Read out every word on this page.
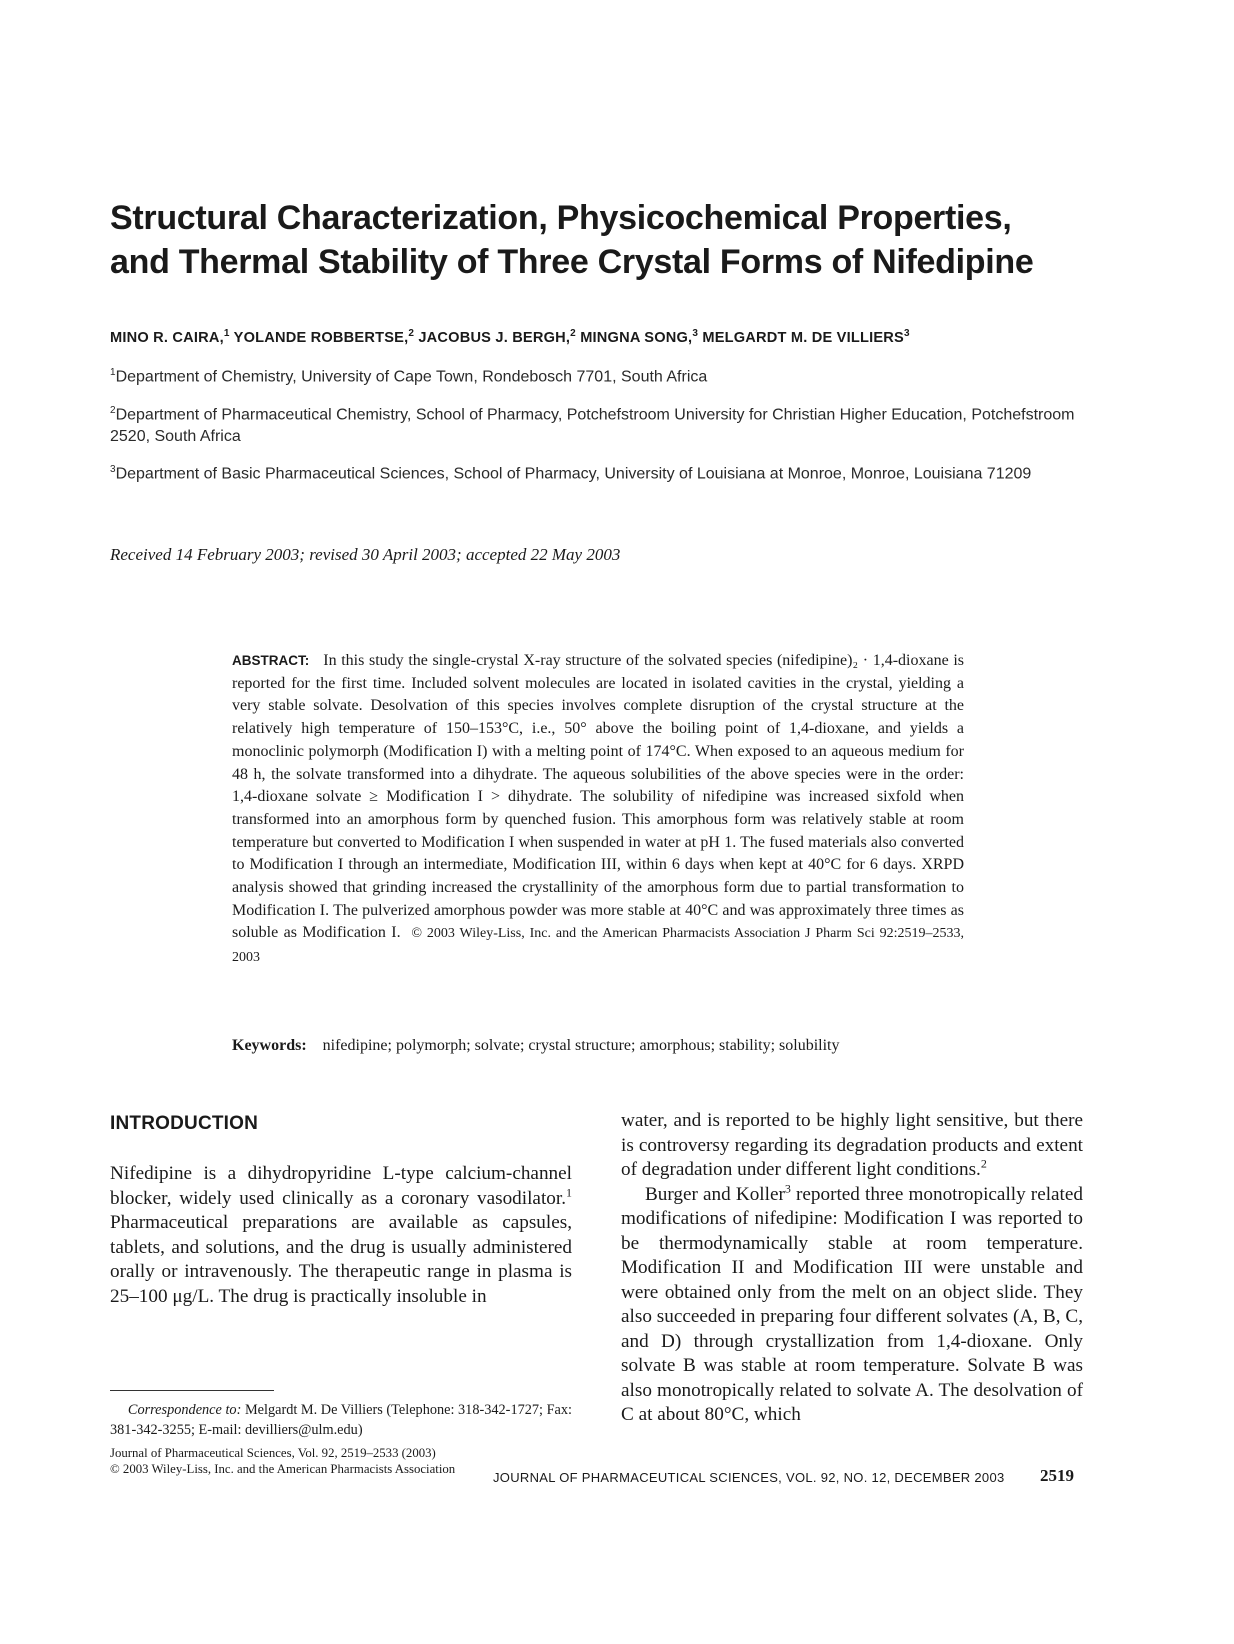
Structural Characterization, Physicochemical Properties,
and Thermal Stability of Three Crystal Forms of Nifedipine
MINO R. CAIRA,$^1$ YOLANDE ROBBERTSE,$^2$ JACOBUS J. BERGH,$^2$ MINGNA SONG,$^3$ MELGARDT M. DE VILLIERS$^3$
$^1$Department of Chemistry, University of Cape Town, Rondebosch 7701, South Africa
$^2$Department of Pharmaceutical Chemistry, School of Pharmacy, Potchefstroom University for Christian Higher Education, Potchefstroom 2520, South Africa
$^3$Department of Basic Pharmaceutical Sciences, School of Pharmacy, University of Louisiana at Monroe, Monroe, Louisiana 71209
Received 14 February 2003; revised 30 April 2003; accepted 22 May 2003
ABSTRACT: In this study the single-crystal X-ray structure of the solvated species (nifedipine)₂ · 1,4-dioxane is reported for the first time. Included solvent molecules are located in isolated cavities in the crystal, yielding a very stable solvate. Desolvation of this species involves complete disruption of the crystal structure at the relatively high temperature of 150–153°C, i.e., 50° above the boiling point of 1,4-dioxane, and yields a monoclinic polymorph (Modification I) with a melting point of 174°C. When exposed to an aqueous medium for 48 h, the solvate transformed into a dihydrate. The aqueous solubilities of the above species were in the order: 1,4-dioxane solvate ≥ Modification I > dihydrate. The solubility of nifedipine was increased sixfold when transformed into an amorphous form by quenched fusion. This amorphous form was relatively stable at room temperature but converted to Modification I when suspended in water at pH 1. The fused materials also converted to Modification I through an intermediate, Modification III, within 6 days when kept at 40°C for 6 days. XRPD analysis showed that grinding increased the crystallinity of the amorphous form due to partial transformation to Modification I. The pulverized amorphous powder was more stable at 40°C and was approximately three times as soluble as Modification I. © 2003 Wiley-Liss, Inc. and the American Pharmacists Association J Pharm Sci 92:2519–2533, 2003
Keywords: nifedipine; polymorph; solvate; crystal structure; amorphous; stability; solubility
INTRODUCTION
Nifedipine is a dihydropyridine L-type calcium-channel blocker, widely used clinically as a coronary vasodilator.$^1$ Pharmaceutical preparations are available as capsules, tablets, and solutions, and the drug is usually administered orally or intravenously. The therapeutic range in plasma is 25–100 μg/L. The drug is practically insoluble in

water, and is reported to be highly light sensitive, but there is controversy regarding its degradation products and extent of degradation under different light conditions.$^2$

Burger and Koller$^3$ reported three monotropically related modifications of nifedipine: Modification I was reported to be thermodynamically stable at room temperature. Modification II and Modification III were unstable and were obtained only from the melt on an object slide. They also succeeded in preparing four different solvates (A, B, C, and D) through crystallization from 1,4-dioxane. Only solvate B was stable at room temperature. Solvate B was also monotropically related to solvate A. The desolvation of C at about 80°C, which

Correspondence to: Melgardt M. De Villiers (Telephone: 318-342-1727; Fax: 381-342-3255; E-mail: devilliers@ulm.edu)
Journal of Pharmaceutical Sciences, Vol. 92, 2519–2533 (2003)
© 2003 Wiley-Liss, Inc. and the American Pharmacists Association
JOURNAL OF PHARMACEUTICAL SCIENCES, VOL. 92, NO. 12, DECEMBER 2003 2519
